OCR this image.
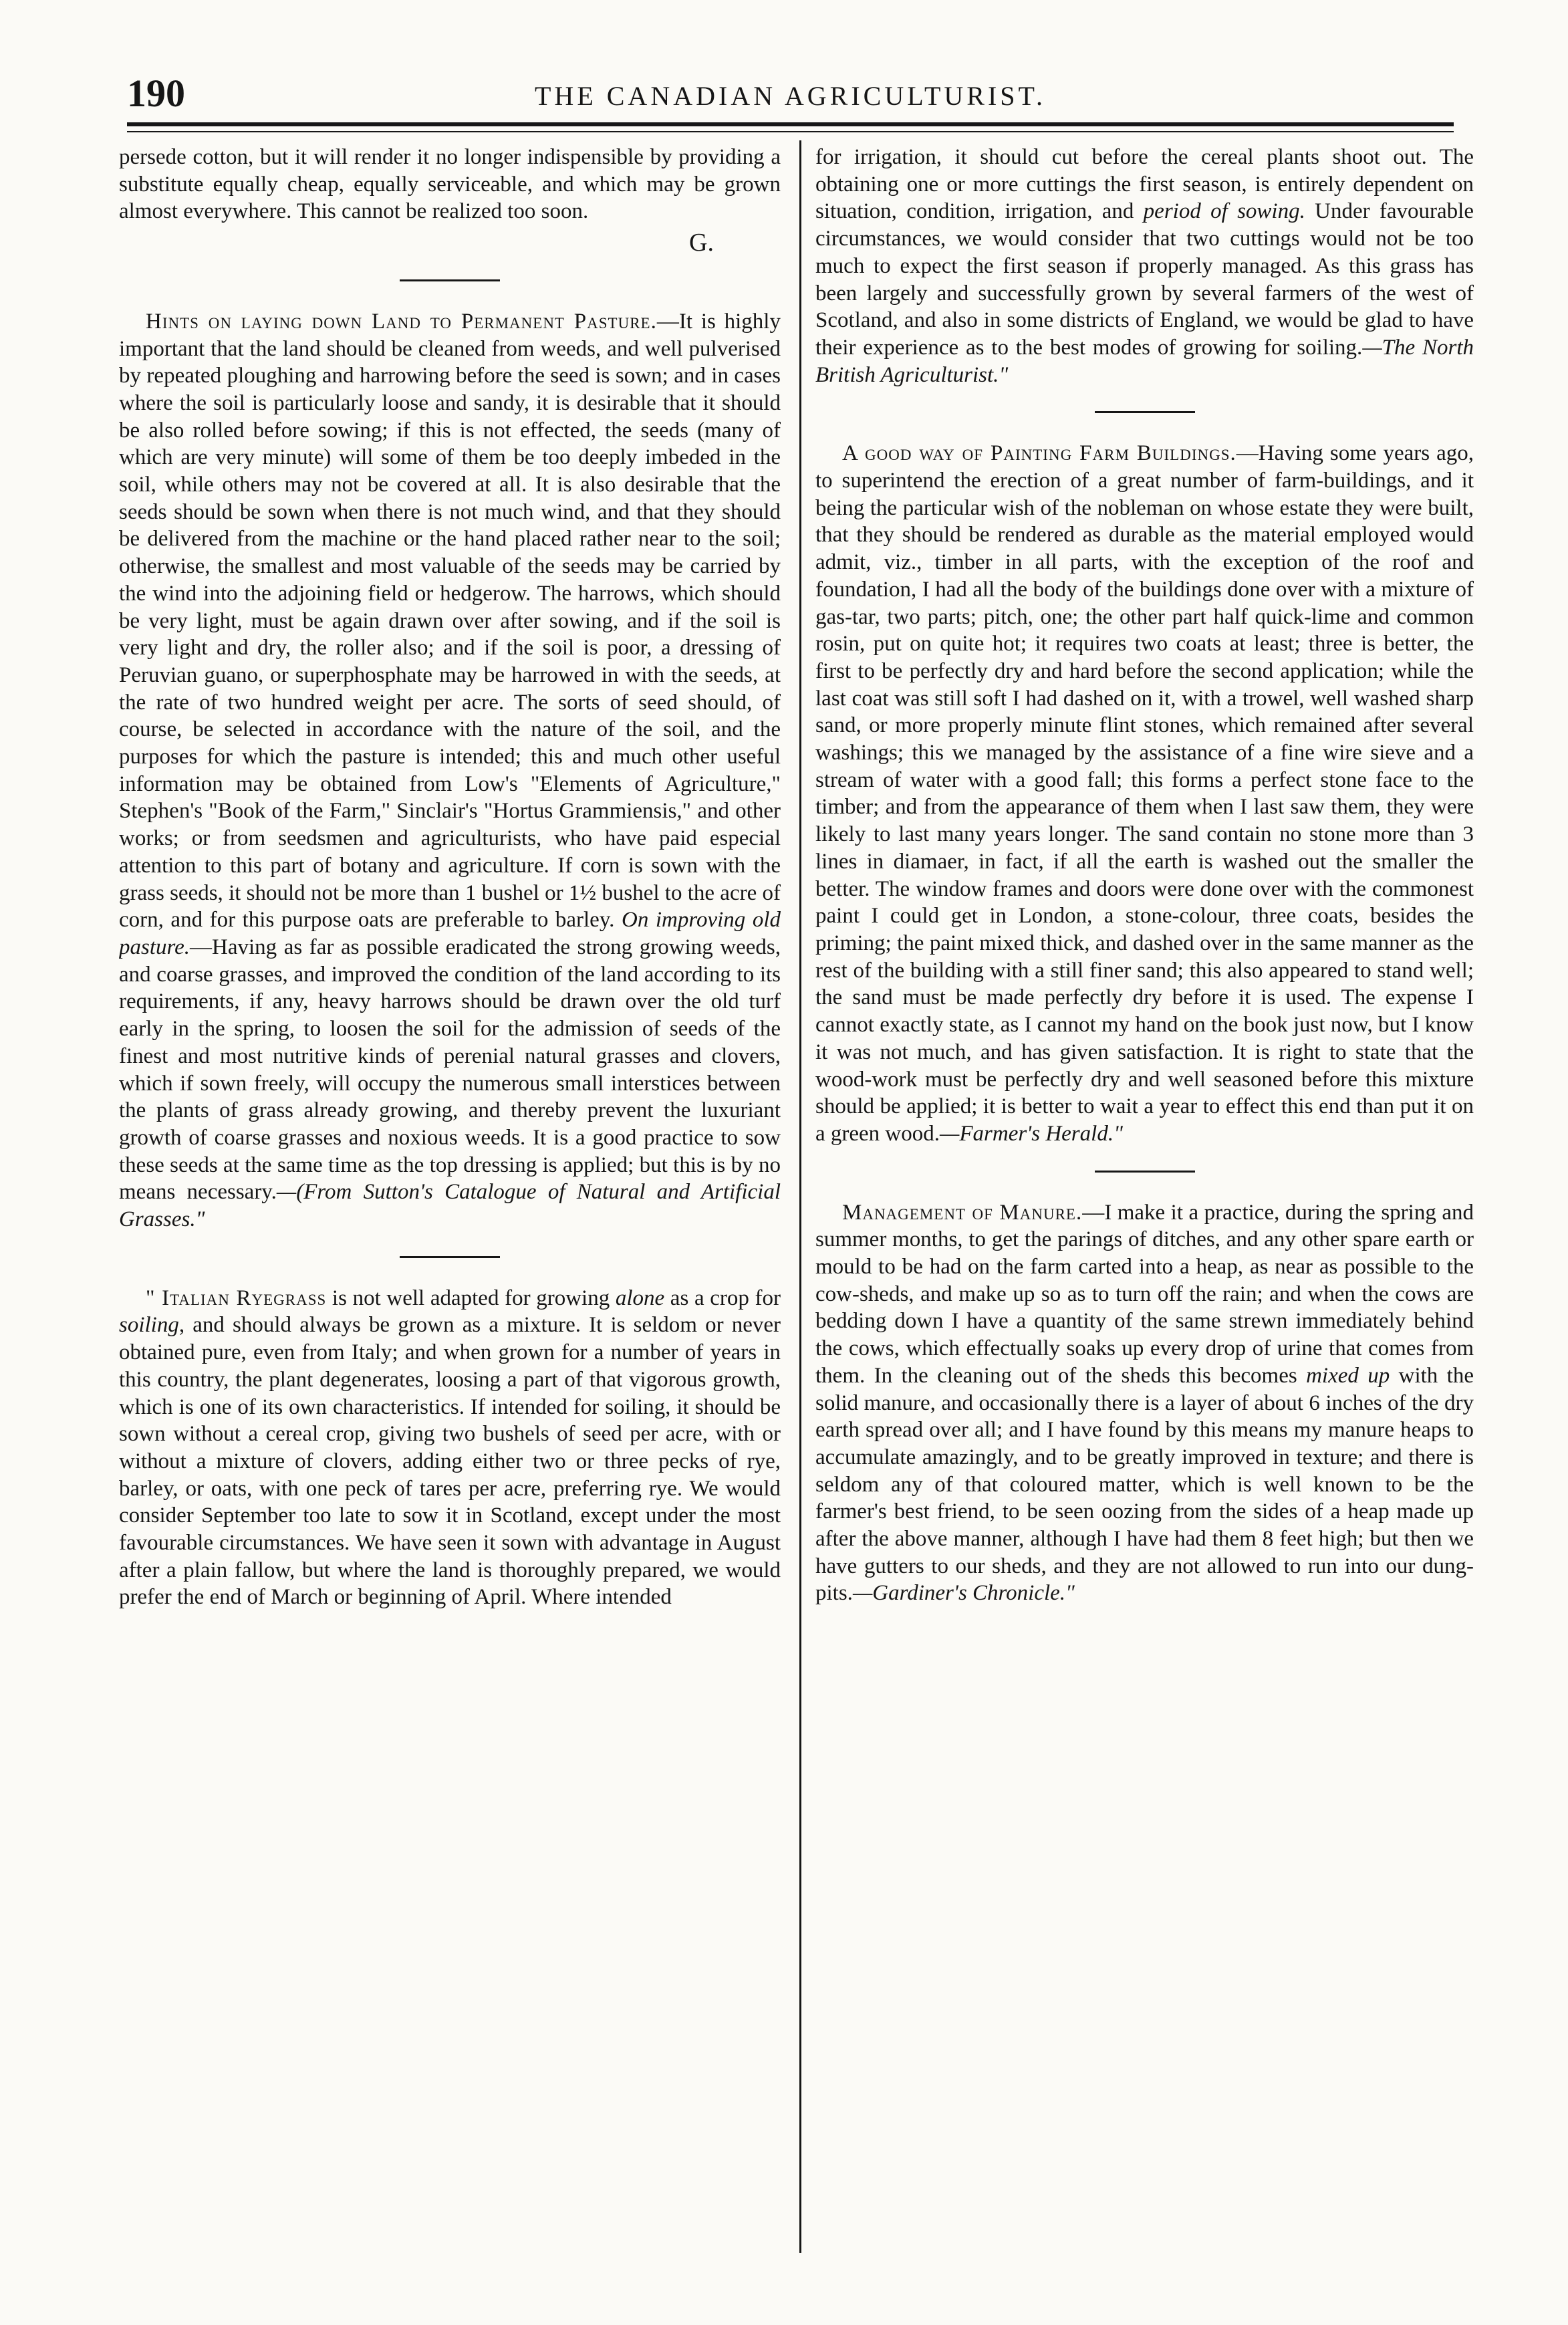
190	THE CANADIAN AGRICULTURIST.

persede cotton, but it will render it no longer indispensible by providing a substitute equally cheap, equally serviceable, and which may be grown almost everywhere. This cannot be realized too soon.

G.

Hints on laying down Land to Permanent Pasture.—It is highly important that the land should be cleaned from weeds, and well pulverised by repeated ploughing and harrowing before the seed is sown; and in cases where the soil is particularly loose and sandy, it is desirable that it should be also rolled before sowing; if this is not effected, the seeds (many of which are very minute) will some of them be too deeply imbeded in the soil, while others may not be covered at all. It is also desirable that the seeds should be sown when there is not much wind, and that they should be delivered from the machine or the hand placed rather near to the soil; otherwise, the smallest and most valuable of the seeds may be carried by the wind into the adjoining field or hedgerow. The harrows, which should be very light, must be again drawn over after sowing, and if the soil is very light and dry, the roller also; and if the soil is poor, a dressing of Peruvian guano, or superphosphate may be harrowed in with the seeds, at the rate of two hundred weight per acre. The sorts of seed should, of course, be selected in accordance with the nature of the soil, and the purposes for which the pasture is intended; this and much other useful information may be obtained from Low's "Elements of Agriculture," Stephen's "Book of the Farm," Sinclair's "Hortus Grammiensis," and other works; or from seedsmen and agriculturists, who have paid especial attention to this part of botany and agriculture. If corn is sown with the grass seeds, it should not be more than 1 bushel or 1½ bushel to the acre of corn, and for this purpose oats are preferable to barley. On improving old pasture.—Having as far as possible eradicated the strong growing weeds, and coarse grasses, and improved the condition of the land according to its requirements, if any, heavy harrows should be drawn over the old turf early in the spring, to loosen the soil for the admission of seeds of the finest and most nutritive kinds of perenial natural grasses and clovers, which if sown freely, will occupy the numerous small interstices between the plants of grass already growing, and thereby prevent the luxuriant growth of coarse grasses and noxious weeds. It is a good practice to sow these seeds at the same time as the top dressing is applied; but this is by no means necessary.—(From Sutton's Catalogue of Natural and Artificial Grasses."

" Italian Ryegrass is not well adapted for growing alone as a crop for soiling, and should always be grown as a mixture. It is seldom or never obtained pure, even from Italy; and when grown for a number of years in this country, the plant degenerates, loosing a part of that vigorous growth, which is one of its own characteristics. If intended for soiling, it should be sown without a cereal crop, giving two bushels of seed per acre, with or without a mixture of clovers, adding either two or three pecks of rye, barley, or oats, with one peck of tares per acre, preferring rye. We would consider September too late to sow it in Scotland, except under the most favourable circumstances. We have seen it sown with advantage in August after a plain fallow, but where the land is thoroughly prepared, we would prefer the end of March or beginning of April. Where intended

for irrigation, it should cut before the cereal plants shoot out. The obtaining one or more cuttings the first season, is entirely dependent on situation, condition, irrigation, and period of sowing. Under favourable circumstances, we would consider that two cuttings would not be too much to expect the first season if properly managed. As this grass has been largely and successfully grown by several farmers of the west of Scotland, and also in some districts of England, we would be glad to have their experience as to the best modes of growing for soiling.—The North British Agriculturist."

A good way of Painting Farm Buildings.—Having some years ago, to superintend the erection of a great number of farm-buildings, and it being the particular wish of the nobleman on whose estate they were built, that they should be rendered as durable as the material employed would admit, viz., timber in all parts, with the exception of the roof and foundation, I had all the body of the buildings done over with a mixture of gas-tar, two parts; pitch, one; the other part half quick-lime and common rosin, put on quite hot; it requires two coats at least; three is better, the first to be perfectly dry and hard before the second application; while the last coat was still soft I had dashed on it, with a trowel, well washed sharp sand, or more properly minute flint stones, which remained after several washings; this we managed by the assistance of a fine wire sieve and a stream of water with a good fall; this forms a perfect stone face to the timber; and from the appearance of them when I last saw them, they were likely to last many years longer. The sand contain no stone more than 3 lines in diamaer, in fact, if all the earth is washed out the smaller the better. The window frames and doors were done over with the commonest paint I could get in London, a stone-colour, three coats, besides the priming; the paint mixed thick, and dashed over in the same manner as the rest of the building with a still finer sand; this also appeared to stand well; the sand must be made perfectly dry before it is used. The expense I cannot exactly state, as I cannot my hand on the book just now, but I know it was not much, and has given satisfaction. It is right to state that the wood-work must be perfectly dry and well seasoned before this mixture should be applied; it is better to wait a year to effect this end than put it on a green wood.—Farmer's Herald."

Management of Manure.—I make it a practice, during the spring and summer months, to get the parings of ditches, and any other spare earth or mould to be had on the farm carted into a heap, as near as possible to the cow-sheds, and make up so as to turn off the rain; and when the cows are bedding down I have a quantity of the same strewn immediately behind the cows, which effectually soaks up every drop of urine that comes from them. In the cleaning out of the sheds this becomes mixed up with the solid manure, and occasionally there is a layer of about 6 inches of the dry earth spread over all; and I have found by this means my manure heaps to accumulate amazingly, and to be greatly improved in texture; and there is seldom any of that coloured matter, which is well known to be the farmer's best friend, to be seen oozing from the sides of a heap made up after the above manner, although I have had them 8 feet high; but then we have gutters to our sheds, and they are not allowed to run into our dung-pits.—Gardiner's Chronicle."
